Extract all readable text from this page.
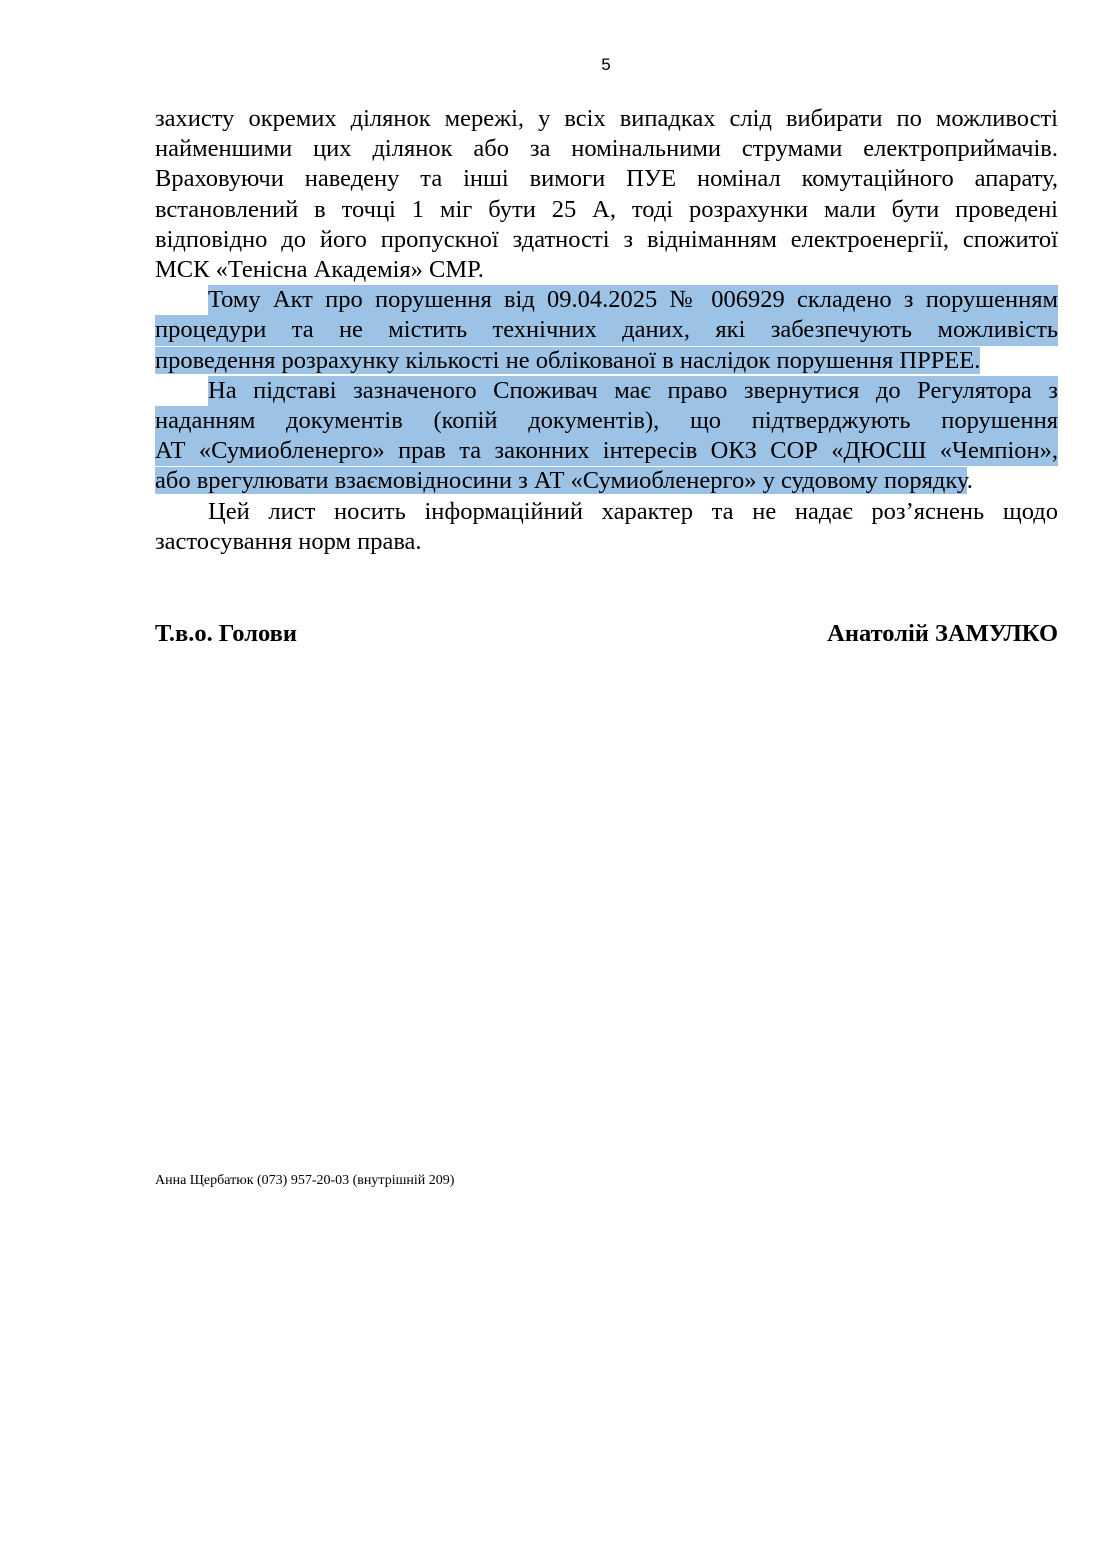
5
захисту окремих ділянок мережі, у всіх випадках слід вибирати по можливості
найменшими цих ділянок або за номінальними струмами електроприймачів.
Враховуючи наведену та інші вимоги ПУЕ номінал комутаційного апарату,
встановлений в точці 1 міг бути 25 А, тоді розрахунки мали бути проведені
відповідно до його пропускної здатності з відніманням електроенергії, спожитої
МСК «Тенісна Академія» СМР.
Тому Акт про порушення від 09.04.2025 № 006929 складено з порушенням
процедури та не містить технічних даних, які забезпечують можливість
проведення розрахунку кількості не облікованої в наслідок порушення ПРРЕЕ.
На підставі зазначеного Споживач має право звернутися до Регулятора з
наданням документів (копій документів), що підтверджують порушення
АТ «Сумиобленерго» прав та законних інтересів ОКЗ СОР «ДЮСШ «Чемпіон»,
або врегулювати взаємовідносини з АТ «Сумиобленерго» у судовому порядку.
Цей лист носить інформаційний характер та не надає роз’яснень щодо
застосування норм права.
Т.в.о. Голови	Анатолій ЗАМУЛКО
Анна Щербатюк (073) 957-20-03 (внутрішній 209)
